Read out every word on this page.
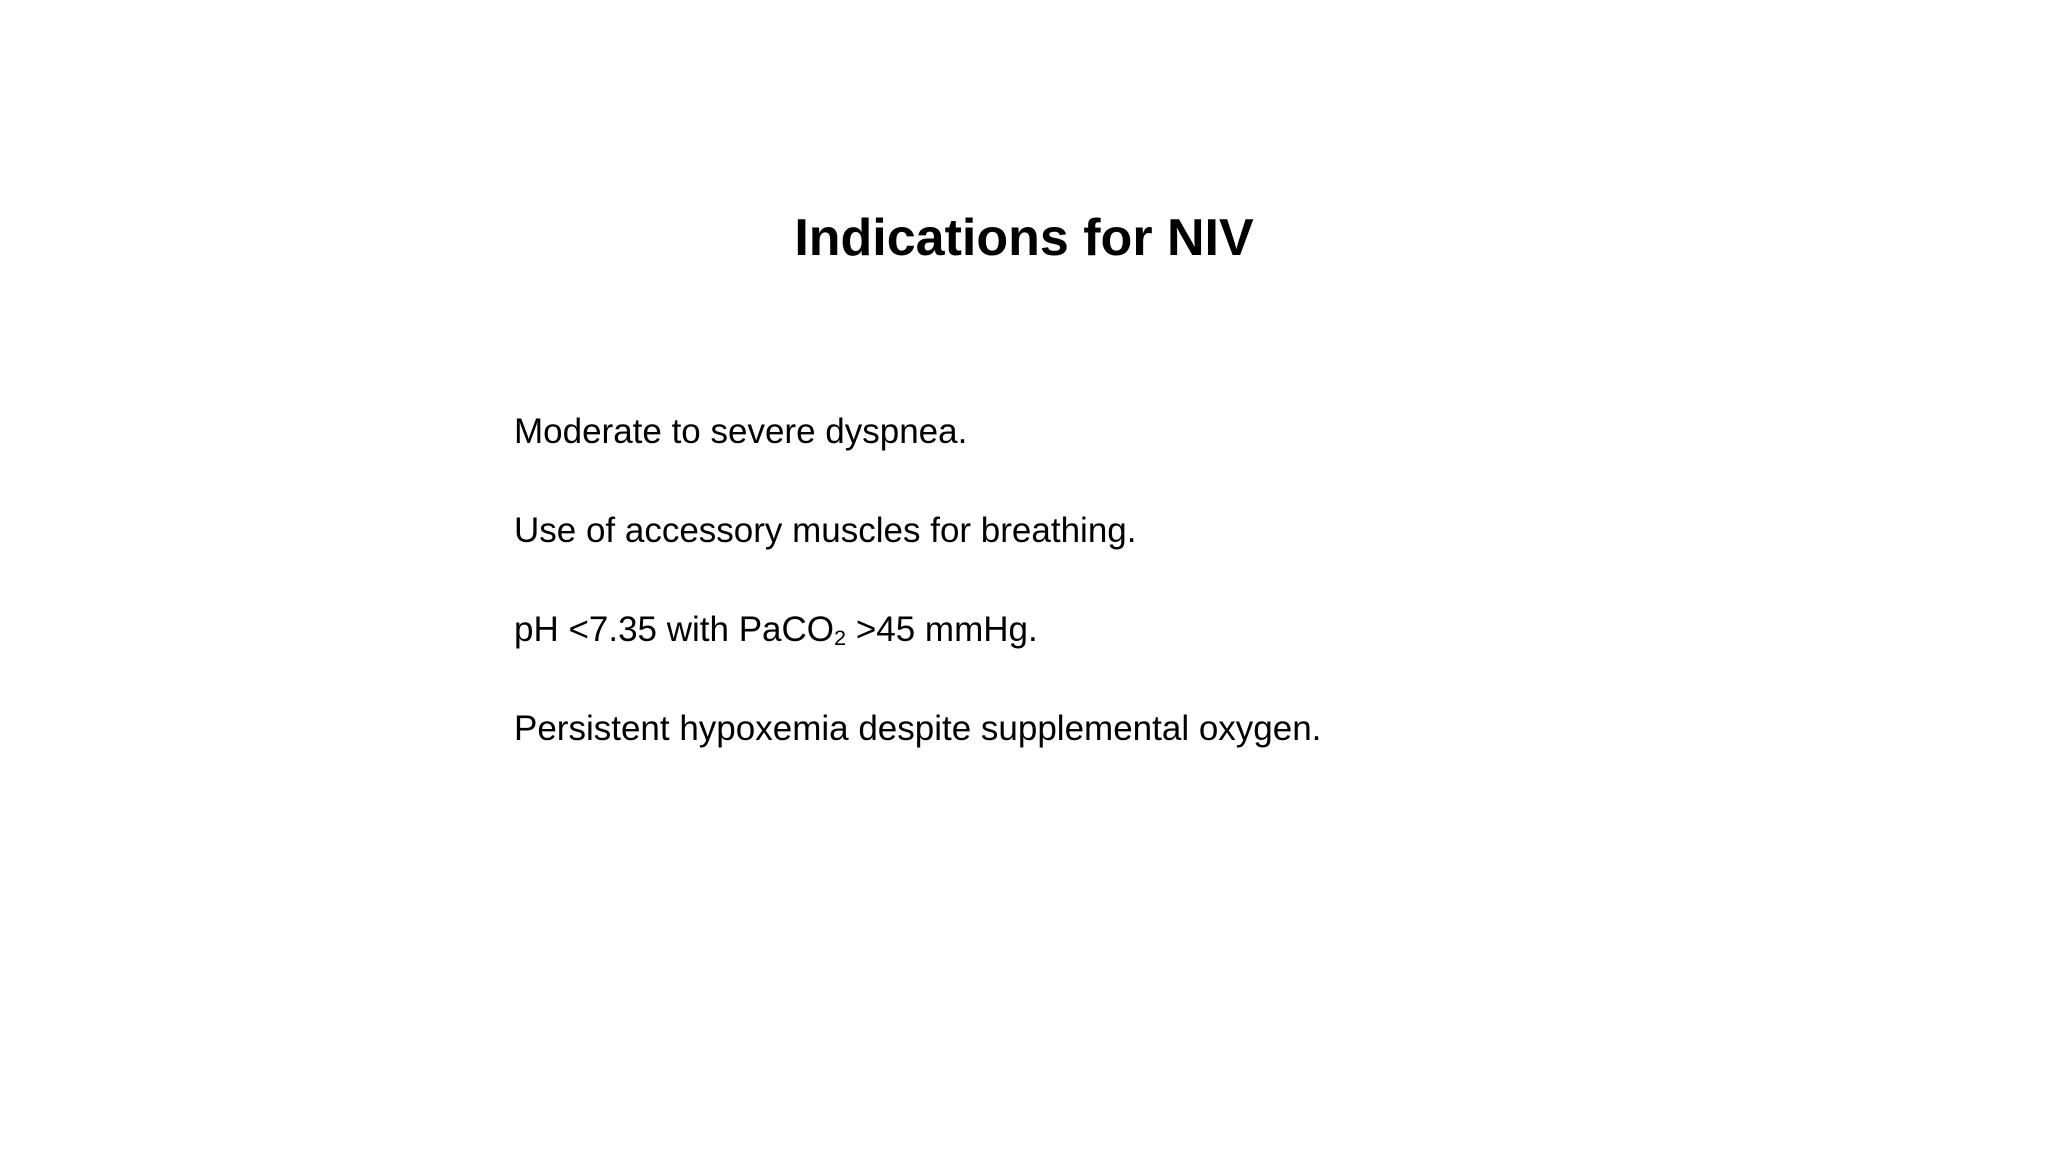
Indications for NIV
Moderate to severe dyspnea.
Use of accessory muscles for breathing.
pH <7.35 with PaCO$_2$ >45 mmHg.
Persistent hypoxemia despite supplemental oxygen.
